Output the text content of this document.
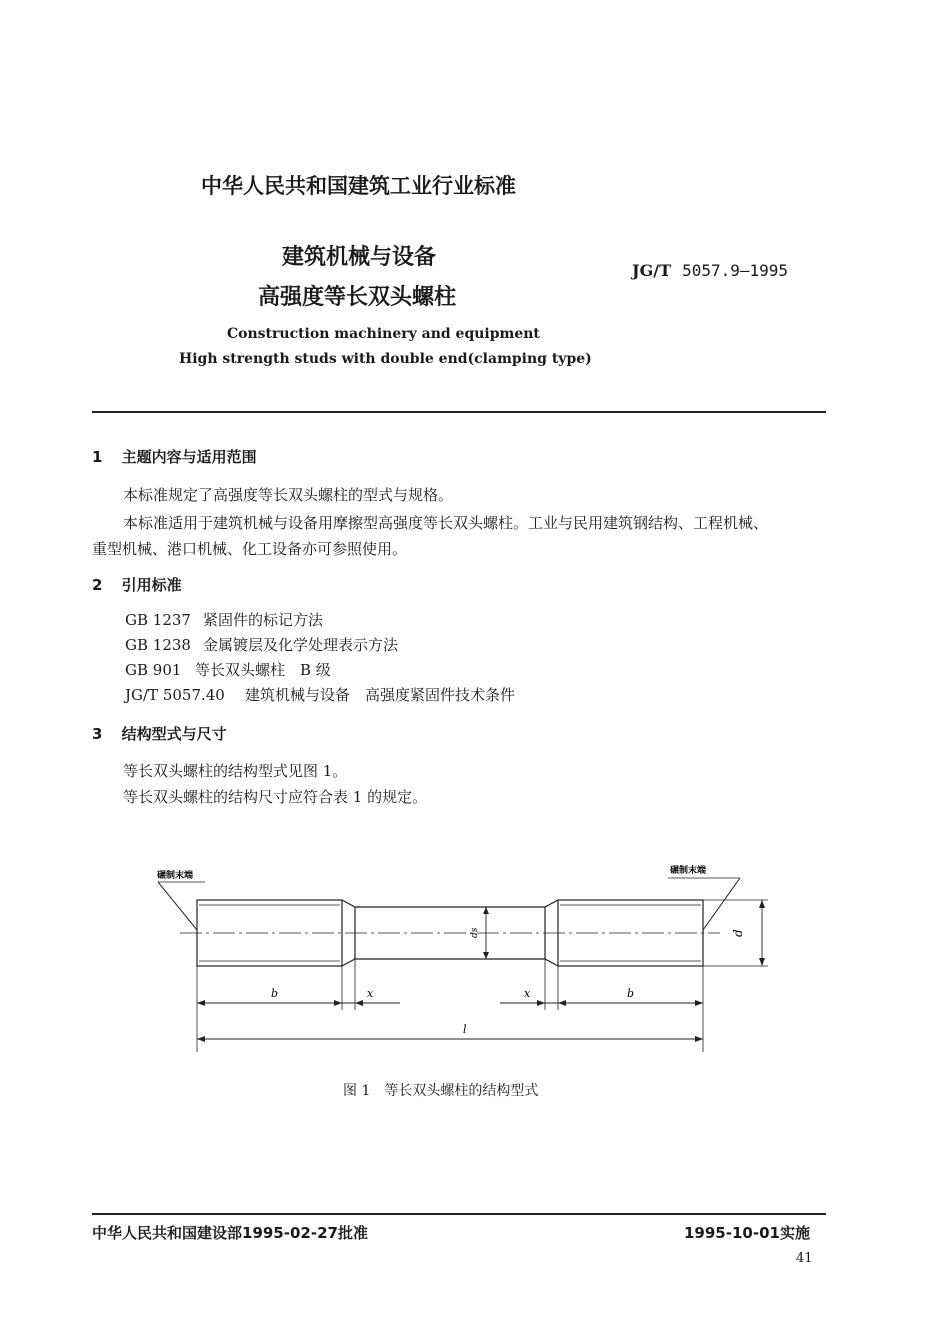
中华人民共和国建筑工业行业标准
建筑机械与设备
高强度等长双头螺柱
JG/T 5057.9—1995
Construction machinery and equipment
High strength studs with double end(clamping type)
1 主题内容与适用范围
本标准规定了高强度等长双头螺柱的型式与规格。
本标准适用于建筑机械与设备用摩擦型高强度等长双头螺柱。工业与民用建筑钢结构、工程机械、
重型机械、港口机械、化工设备亦可参照使用。
2 引用标准
GB 1237 紧固件的标记方法
GB 1238 金属镀层及化学处理表示方法
GB 901 等长双头螺柱　B 级
JG/T 5057.40 建筑机械与设备　高强度紧固件技术条件
3 结构型式与尺寸
等长双头螺柱的结构型式见图 1。
等长双头螺柱的结构尺寸应符合表 1 的规定。
碾制末端	碾制末端
b	x	x	b
l
ds	d
图 1　等长双头螺柱的结构型式
中华人民共和国建设部1995-02-27批准	1995-10-01实施
41
